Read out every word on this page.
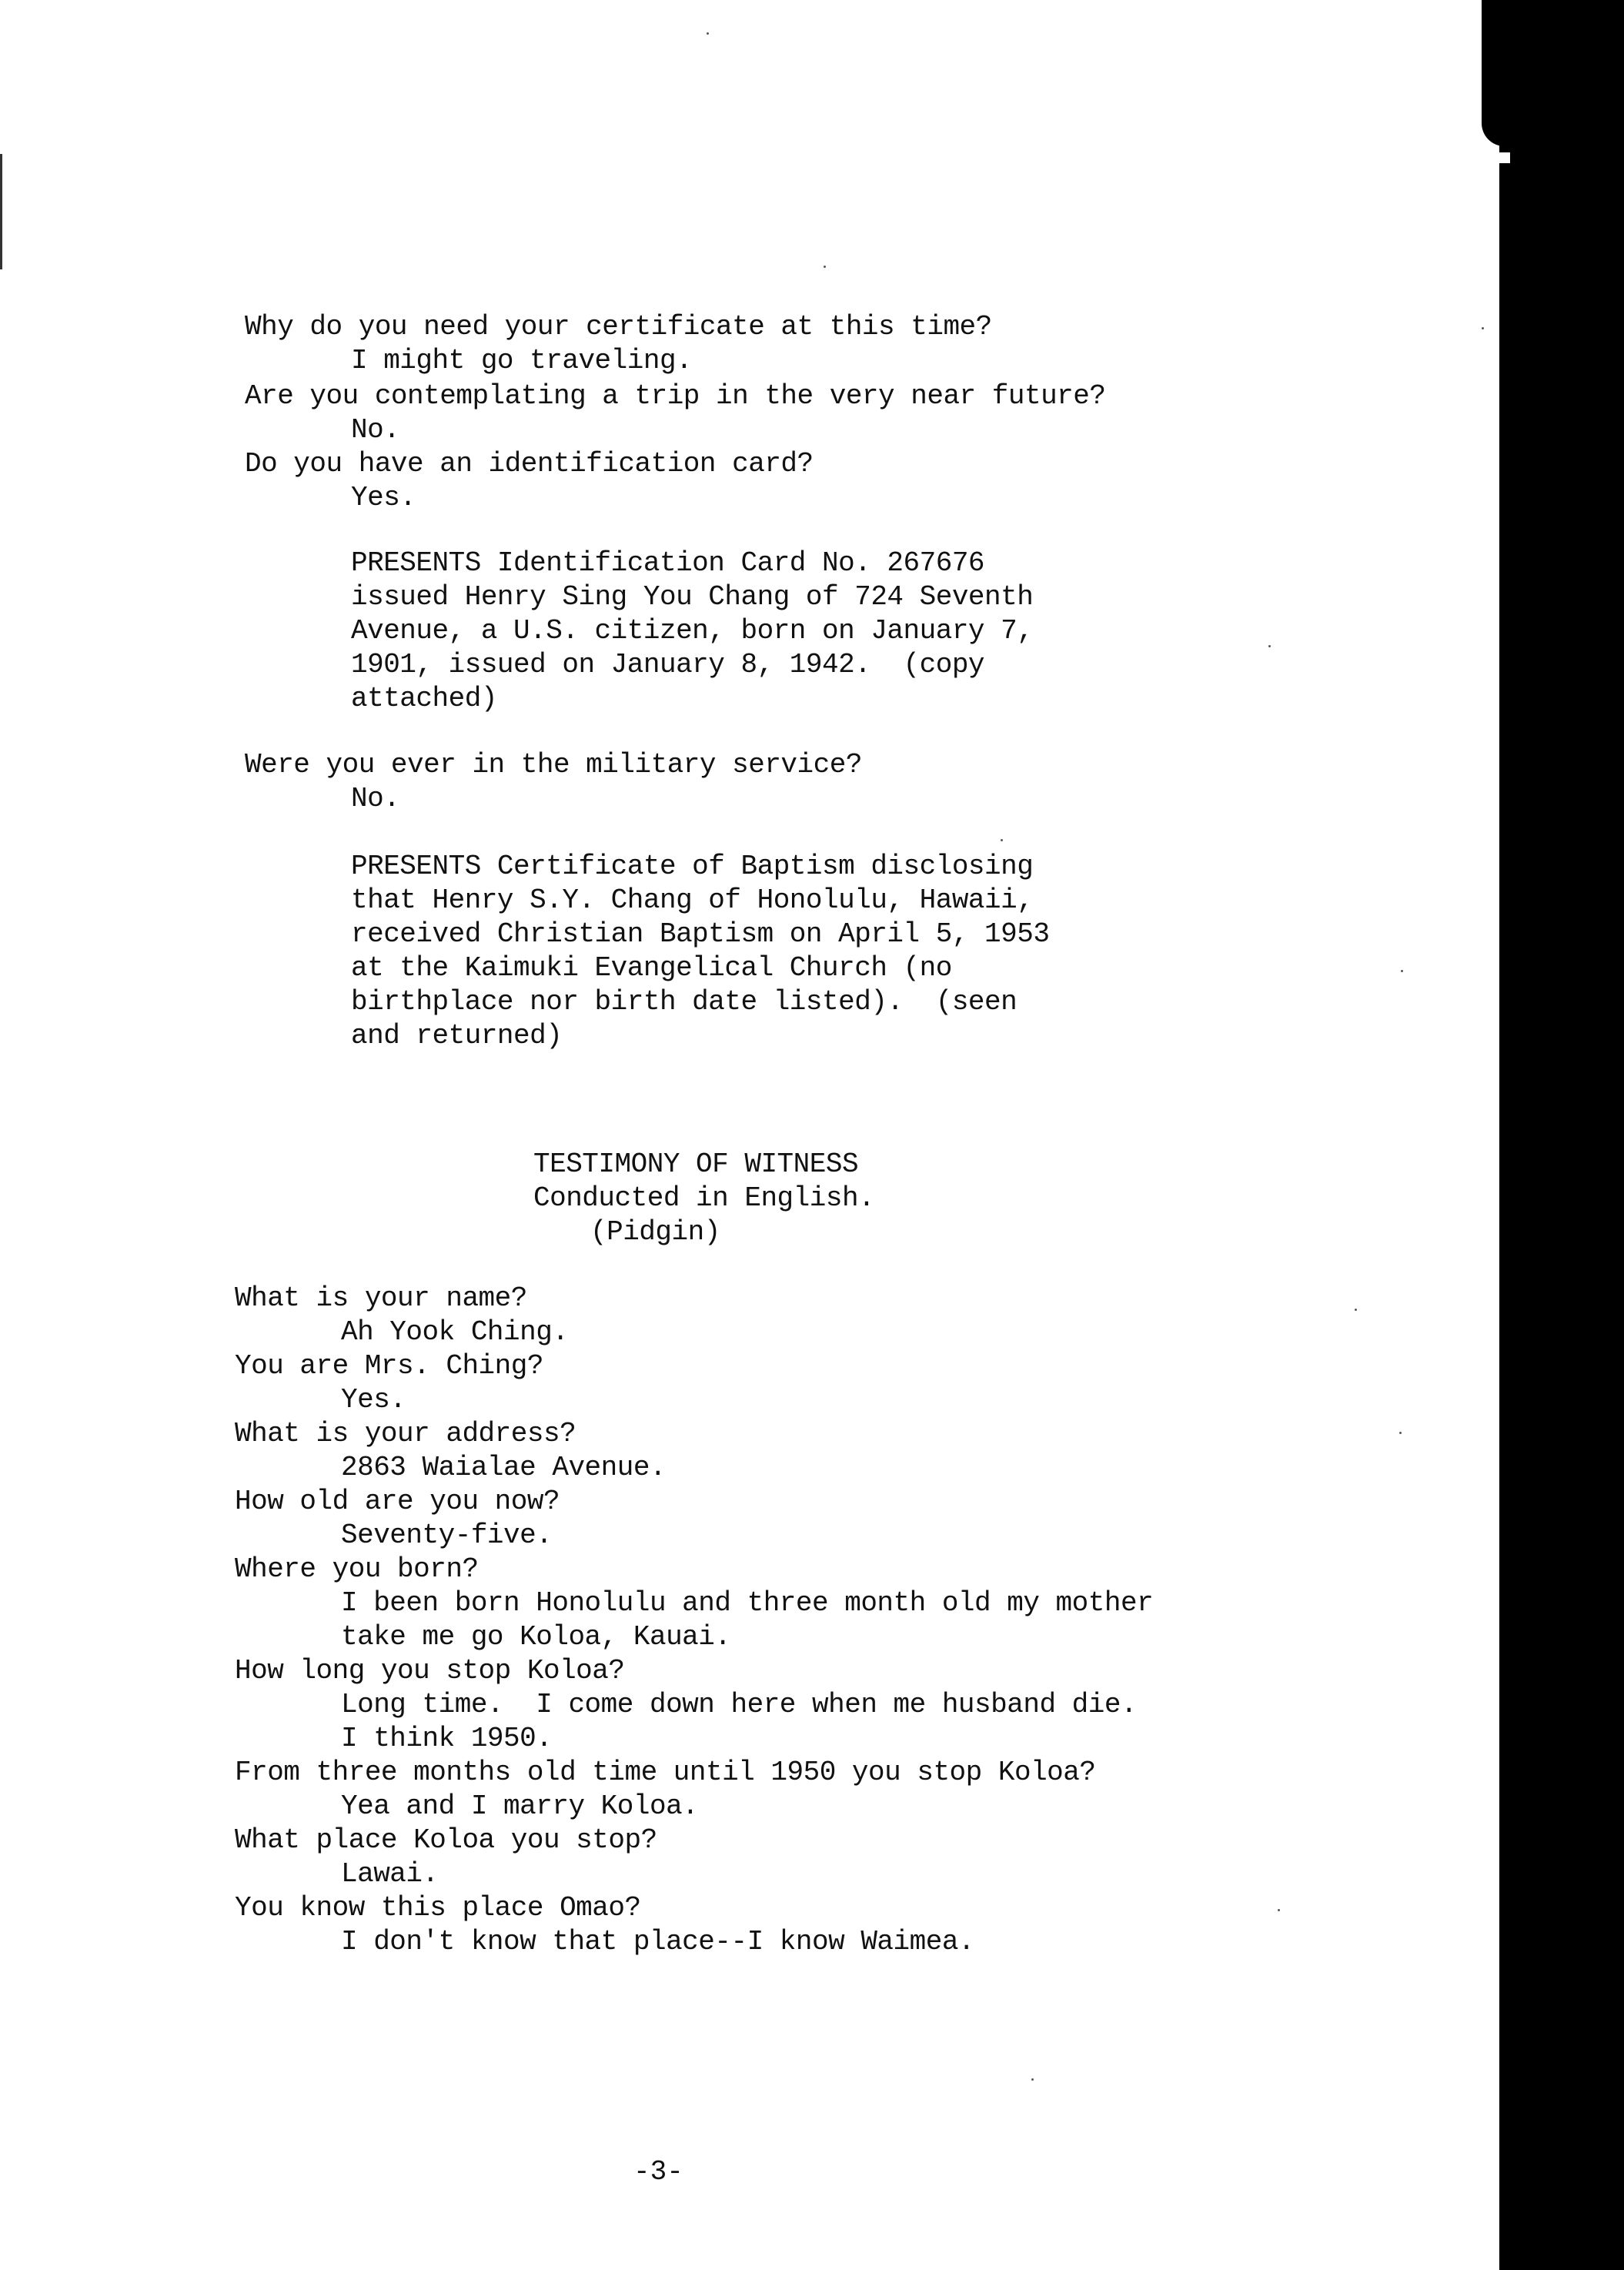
Why do you need your certificate at this time?
I might go traveling.
Are you contemplating a trip in the very near future?
No.
Do you have an identification card?
Yes.
PRESENTS Identification Card No. 267676
issued Henry Sing You Chang of 724 Seventh
Avenue, a U.S. citizen, born on January 7,
1901, issued on January 8, 1942.  (copy
attached)
Were you ever in the military service?
No.
PRESENTS Certificate of Baptism disclosing
that Henry S.Y. Chang of Honolulu, Hawaii,
received Christian Baptism on April 5, 1953
at the Kaimuki Evangelical Church (no
birthplace nor birth date listed).  (seen
and returned)
TESTIMONY OF WITNESS
Conducted in English.
(Pidgin)
What is your name?
Ah Yook Ching.
You are Mrs. Ching?
Yes.
What is your address?
2863 Waialae Avenue.
How old are you now?
Seventy-five.
Where you born?
I been born Honolulu and three month old my mother
take me go Koloa, Kauai.
How long you stop Koloa?
Long time.  I come down here when me husband die.
I think 1950.
From three months old time until 1950 you stop Koloa?
Yea and I marry Koloa.
What place Koloa you stop?
Lawai.
You know this place Omao?
I don't know that place--I know Waimea.
-3-
